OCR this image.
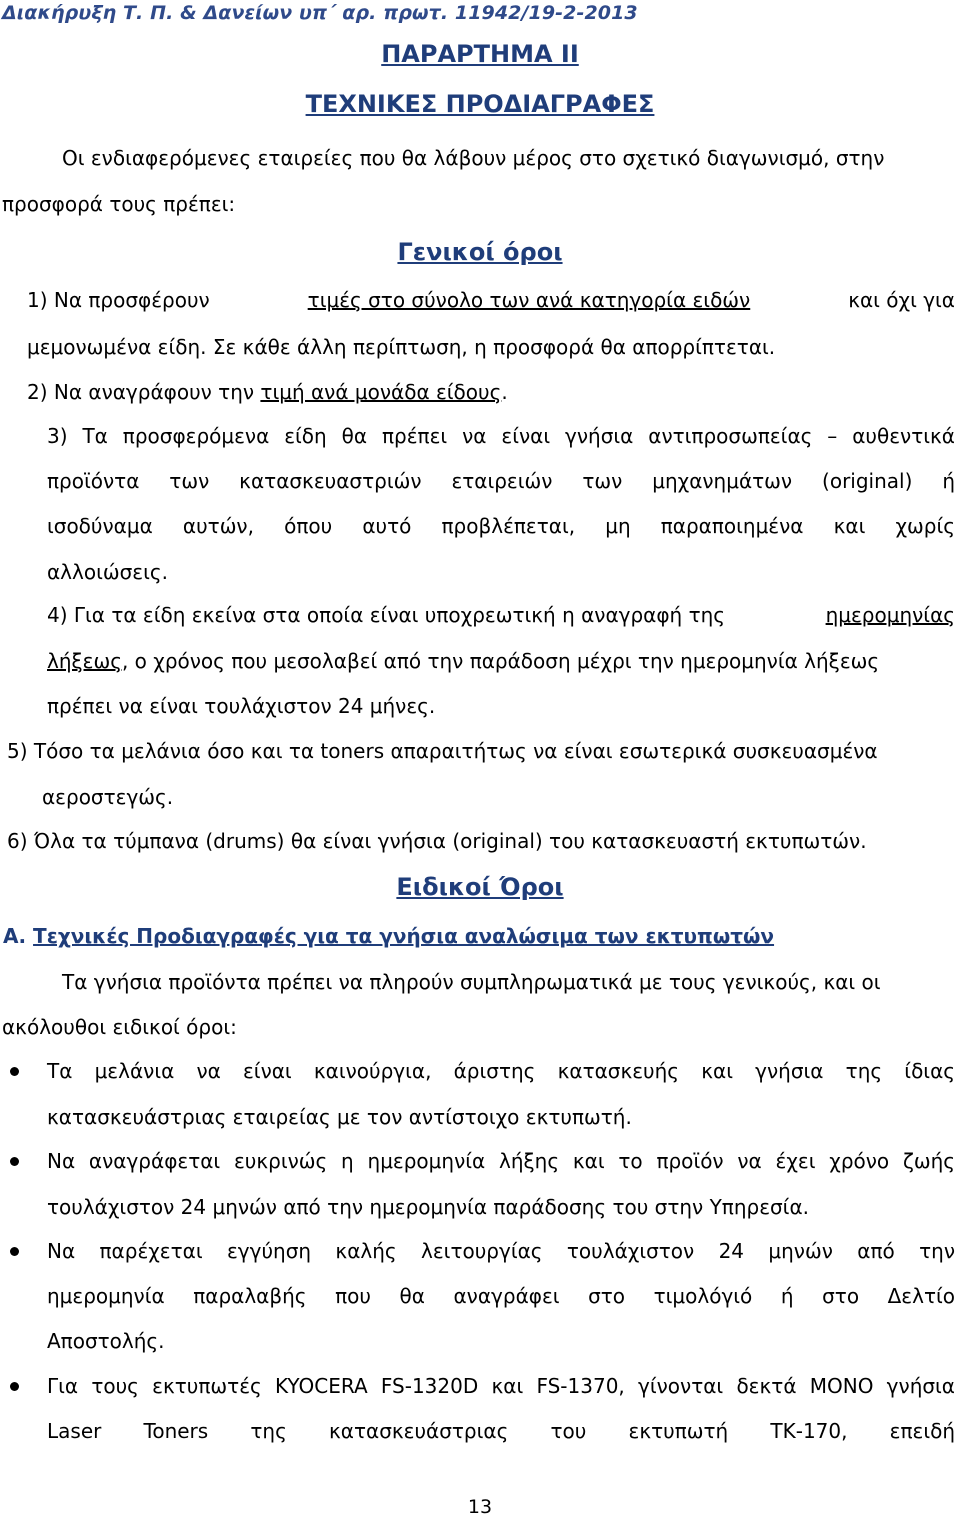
Διακήρυξη Τ. Π. & Δανείων υπ΄ αρ. πρωτ. 11942/19-2-2013
ΠΑΡΑΡΤΗΜΑ ΙΙ
ΤΕΧΝΙΚΕΣ ΠΡΟΔΙΑΓΡΑΦΕΣ
Οι ενδιαφερόμενες εταιρείες που θα λάβουν μέρος στο σχετικό διαγωνισμό, στην
προσφορά τους πρέπει:
Γενικοί όροι
1) Να προσφέρουν	τιμές στο σύνολο των ανά κατηγορία ειδών	και όχι για
μεμονωμένα είδη. Σε κάθε άλλη περίπτωση, η προσφορά θα απορρίπτεται.
2) Να αναγράφουν την τιμή ανά μονάδα είδους.
3) Τα προσφερόμενα είδη θα πρέπει να είναι γνήσια αντιπροσωπείας – αυθεντικά
προϊόντα των κατασκευαστριών εταιρειών των μηχανημάτων (original) ή
ισοδύναμα αυτών, όπου αυτό προβλέπεται, μη παραποιημένα και χωρίς
αλλοιώσεις.
4) Για τα είδη εκείνα στα οποία είναι υποχρεωτική η αναγραφή της	ημερομηνίας
λήξεως, ο χρόνος που μεσολαβεί από την παράδοση μέχρι την ημερομηνία λήξεως
πρέπει να είναι τουλάχιστον 24 μήνες.
5) Τόσο τα μελάνια όσο και τα toners απαραιτήτως να είναι εσωτερικά συσκευασμένα
αεροστεγώς.
6) Όλα τα τύμπανα (drums) θα είναι γνήσια (original) του κατασκευαστή εκτυπωτών.
Ειδικοί Όροι
Α. Τεχνικές Προδιαγραφές για τα γνήσια αναλώσιμα των εκτυπωτών
Τα γνήσια προϊόντα πρέπει να πληρούν συμπληρωματικά με τους γενικούς, και οι
ακόλουθοι ειδικοί όροι:
Τα μελάνια να είναι καινούργια, άριστης κατασκευής και γνήσια της ίδιας
κατασκευάστριας εταιρείας με τον αντίστοιχο εκτυπωτή.
Να αναγράφεται ευκρινώς η ημερομηνία λήξης και το προϊόν να έχει χρόνο ζωής
τουλάχιστον 24 μηνών από την ημερομηνία παράδοσης του στην Υπηρεσία.
Να παρέχεται εγγύηση καλής λειτουργίας τουλάχιστον 24 μηνών από την
ημερομηνία παραλαβής που θα αναγράφει στο τιμολόγιό ή στο Δελτίο
Αποστολής.
Για τους εκτυπωτές KYOCERA FS-1320D και FS-1370, γίνονται δεκτά MONO γνήσια
Laser Toners της κατασκευάστριας του εκτυπωτή ΤΚ-170, επειδή
13
